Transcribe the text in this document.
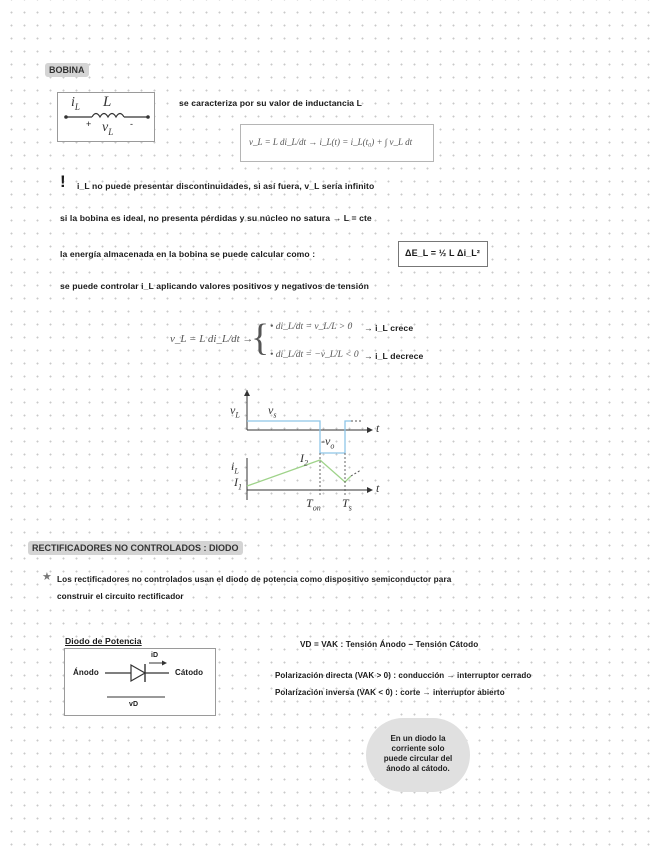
BOBINA
$i_L$ L
+ $v_L$
-
se caracteriza por su valor de inductancia L
v_L = L di_L/dt → i_L(t) = i_L(t₀) + ∫ v_L dt
! i_L no puede presentar discontinuidades, si así fuera, v_L sería infinito
si la bobina es ideal, no presenta pérdidas y su núcleo no satura → L = cte
la energía almacenada en la bobina se puede calcular como :	ΔE_L = ½ L Δi_L²
se puede controlar i_L aplicando valores positivos y negativos de tensión
v_L = L di_L/dt →
{ • di_L/dt = v_L/L > 0 → i_L crece
• di_L/dt = −v_L/L < 0 → i_L decrece
$v_L$ $v_s$
t
$-v_o$
$I_2$
$i_L$
$I_1$	t
$T_{on}$ $T_s$
RECTIFICADORES NO CONTROLADOS : DIODO
★ Los rectificadores no controlados usan el diodo de potencia como dispositivo semiconductor para
construir el circuito rectificador
Diodo de Potencia
Ánodo	Cátodo
iD
vD
VD = VAK : Tensión Ánodo − Tensión Cátodo
Polarización directa (VAK > 0) : conducción → interruptor cerrado
Polarización inversa (VAK < 0) : corte → interruptor abierto
En un diodo la corriente solo puede circular del ánodo al cátodo.
